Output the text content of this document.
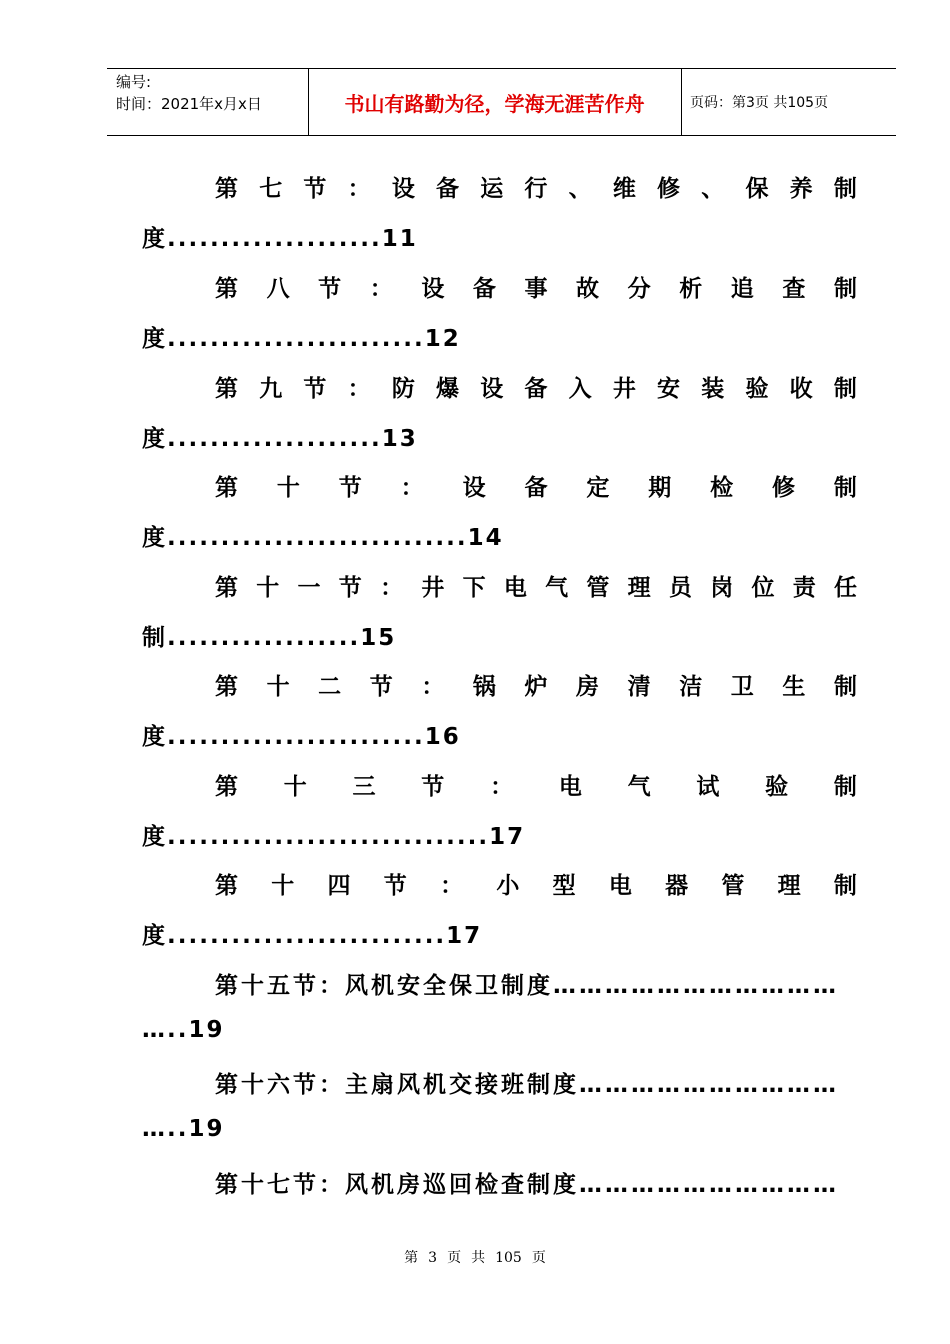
编号:
时间：2021年x月x日	书山有路勤为径，学海无涯苦作舟	页码：第3页 共105页
第 七 节 ： 设 备 运 行 、 维 修 、 保 养 制
度....................11
第 八 节 ： 设 备 事 故 分 析 追 查 制
度........................12
第 九 节 ： 防 爆 设 备 入 井 安 装 验 收 制
度....................13
第 十 节 ： 设 备 定 期 检 修 制
度............................14
第 十 一 节 ： 井 下 电 气 管 理 员 岗 位 责 任
制..................15
第 十 二 节 ： 锅 炉 房 清 洁 卫 生 制
度........................16
第 十 三 节 ： 电 气 试 验 制
度..............................17
第 十 四 节 ： 小 型 电 器 管 理 制
度..........................17
第十五节：风机安全保卫制度……………………………
…..19
第十六节：主扇风机交接班制度…………………………
…..19
第十七节：风机房巡回检查制度…………………………
第 3 页 共 105 页
